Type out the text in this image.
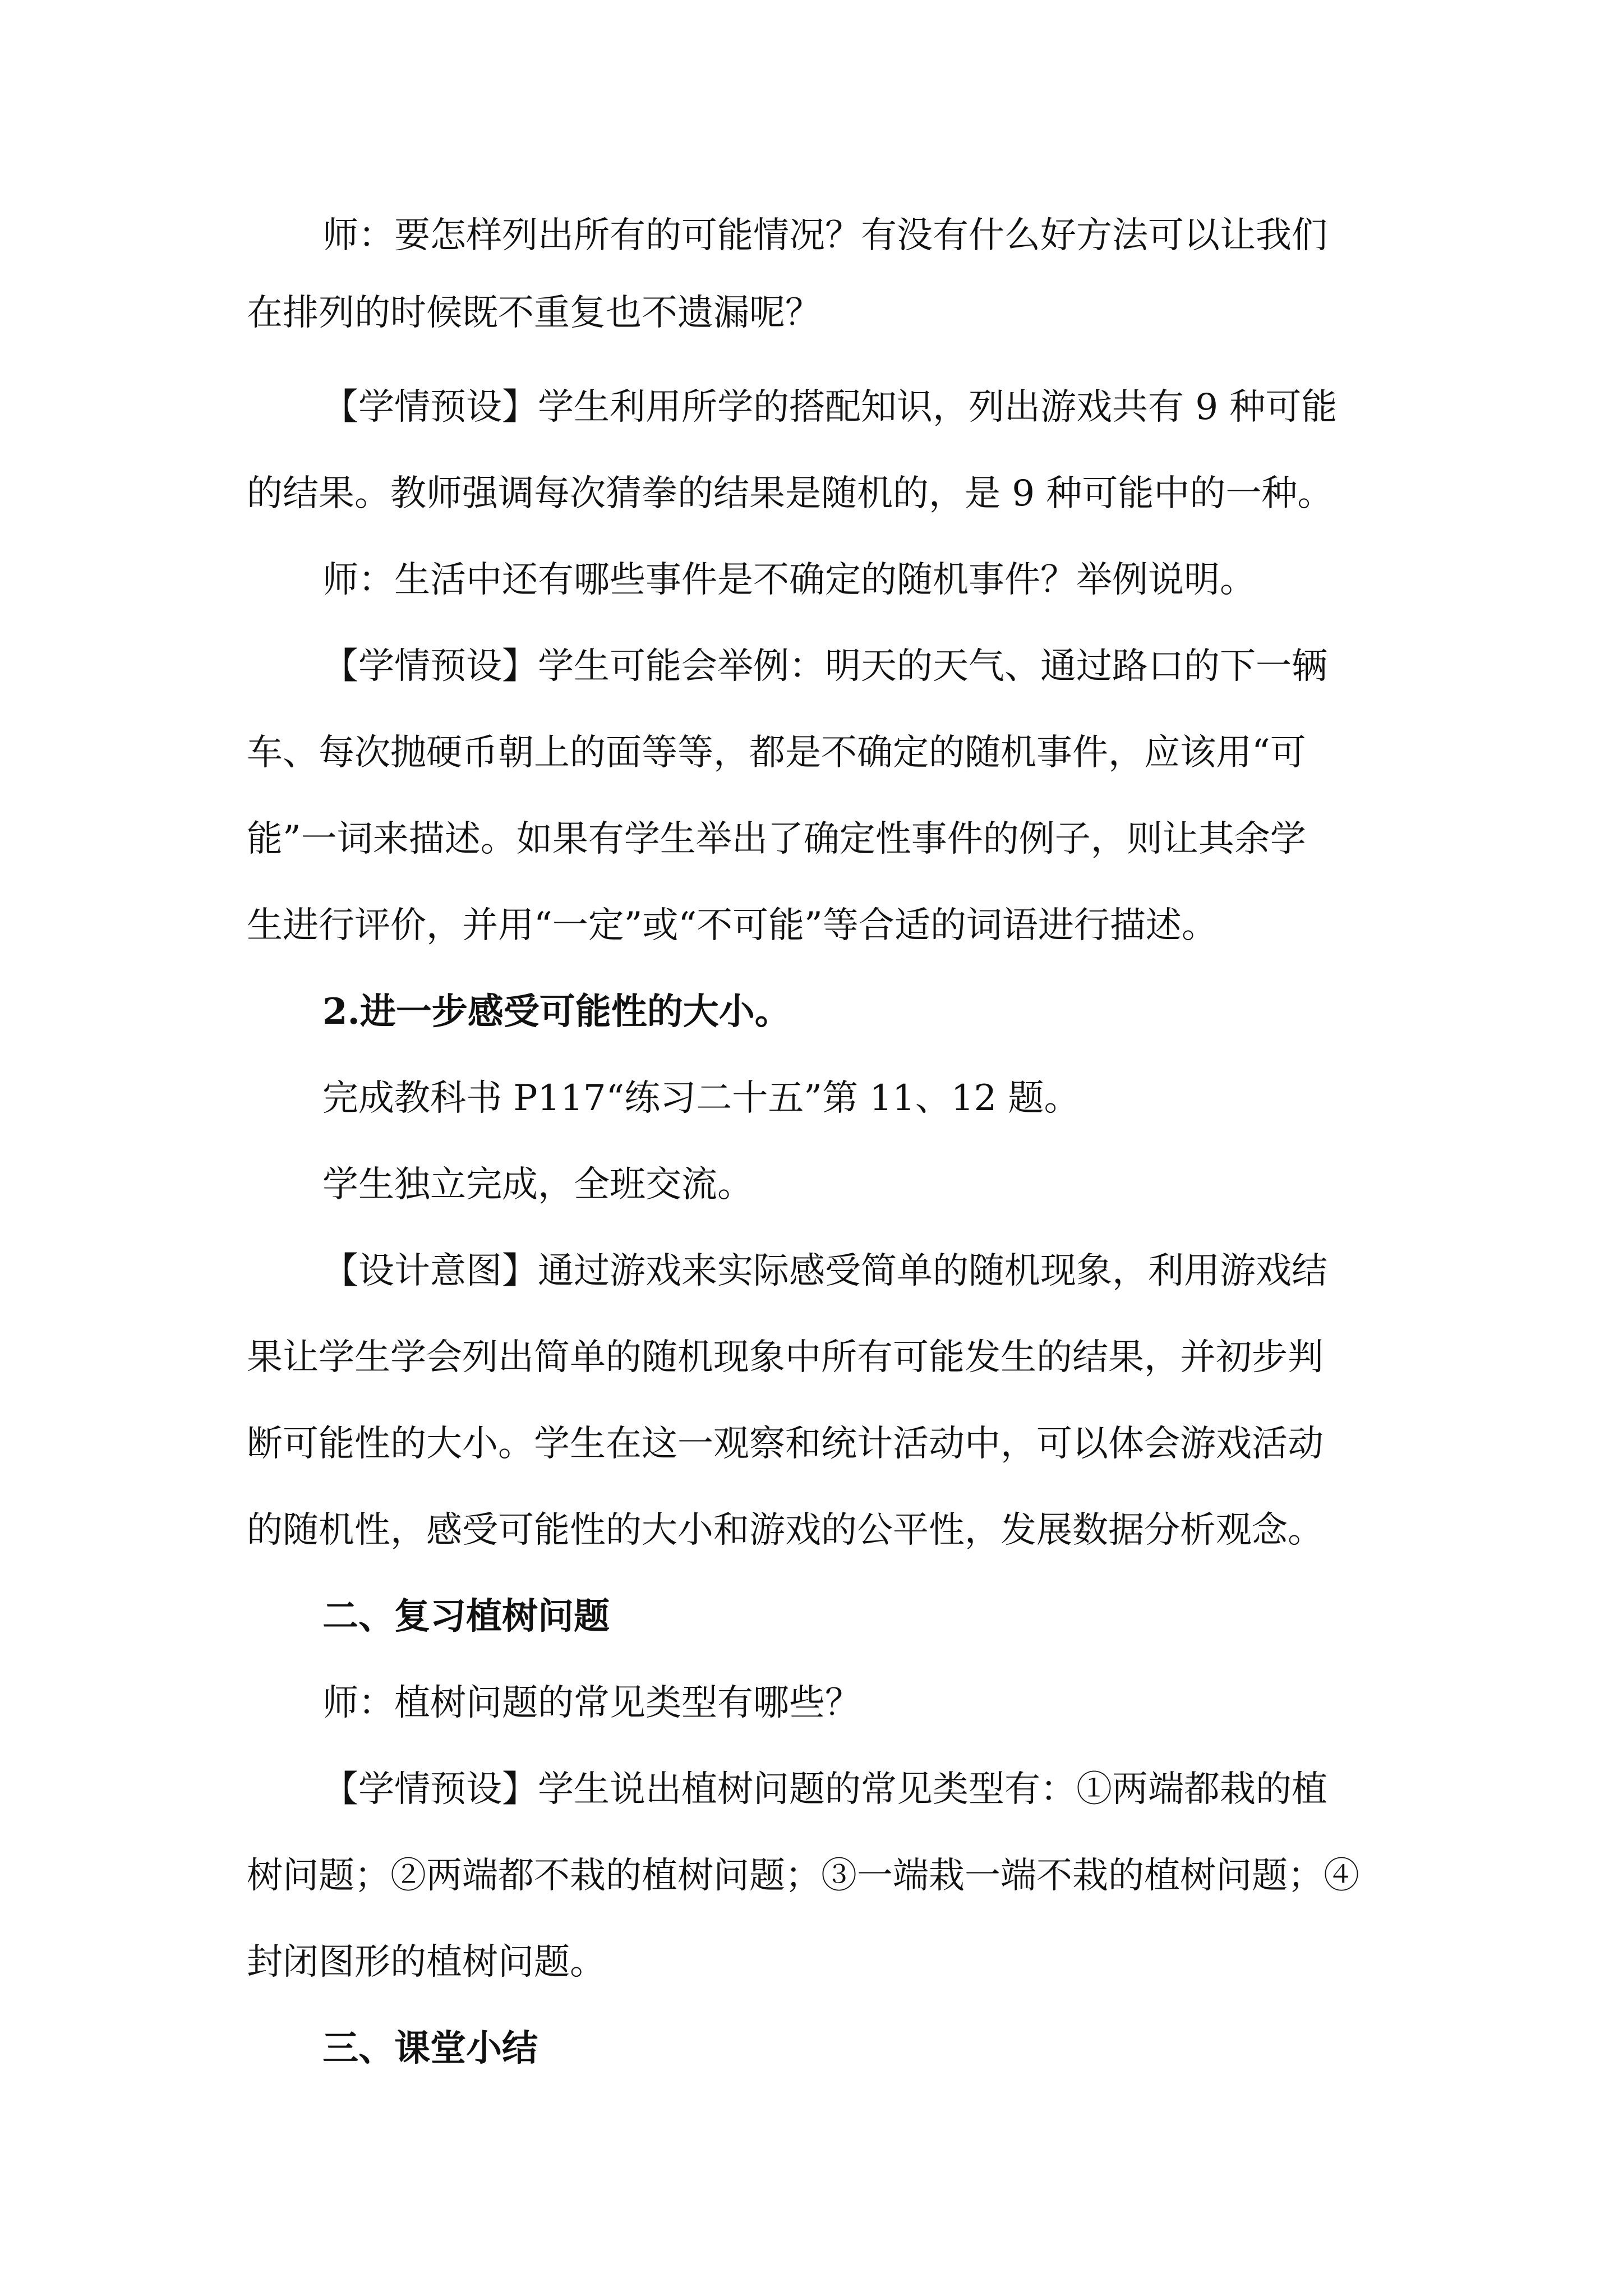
师：要怎样列出所有的可能情况？有没有什么好方法可以让我们
在排列的时候既不重复也不遗漏呢？
【学情预设】学生利用所学的搭配知识，列出游戏共有 9 种可能
的结果。教师强调每次猜拳的结果是随机的，是 9 种可能中的一种。
师：生活中还有哪些事件是不确定的随机事件？举例说明。
【学情预设】学生可能会举例：明天的天气、通过路口的下一辆
车、每次抛硬币朝上的面等等，都是不确定的随机事件，应该用“可
能”一词来描述。如果有学生举出了确定性事件的例子，则让其余学
生进行评价，并用“一定”或“不可能”等合适的词语进行描述。
2.进一步感受可能性的大小。
完成教科书 P117“练习二十五”第 11、12 题。
学生独立完成，全班交流。
【设计意图】通过游戏来实际感受简单的随机现象，利用游戏结
果让学生学会列出简单的随机现象中所有可能发生的结果，并初步判
断可能性的大小。学生在这一观察和统计活动中，可以体会游戏活动
的随机性，感受可能性的大小和游戏的公平性，发展数据分析观念。
二、复习植树问题
师：植树问题的常见类型有哪些？
【学情预设】学生说出植树问题的常见类型有：①两端都栽的植
树问题；②两端都不栽的植树问题；③一端栽一端不栽的植树问题；④
封闭图形的植树问题。
三、课堂小结
